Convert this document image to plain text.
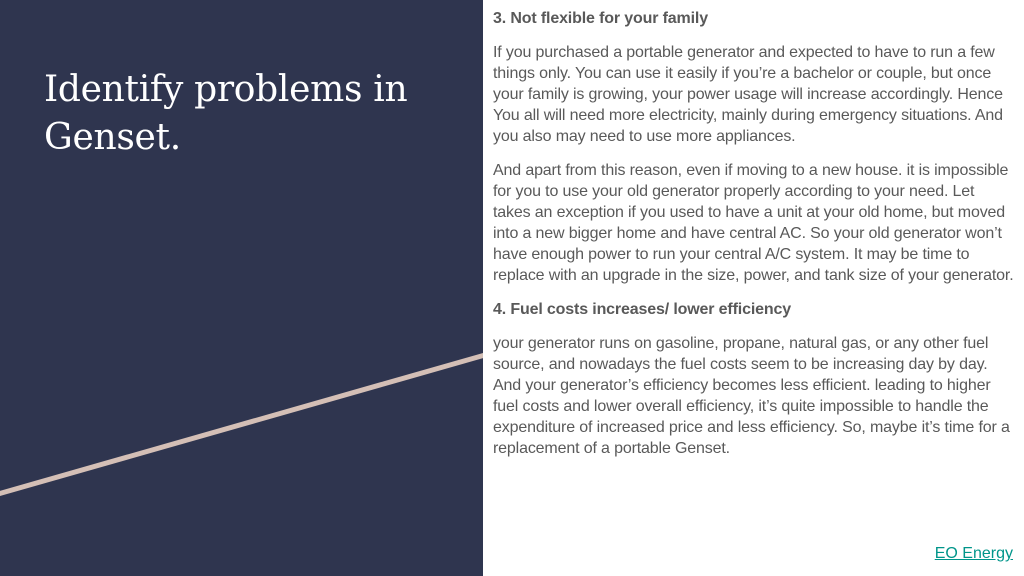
Identify problems in Genset.
3. Not flexible for your family

If you purchased a portable generator and expected to have to run a few things only. You can use it easily if you’re a bachelor or couple, but once your family is growing, your power usage will increase accordingly. Hence You all will need more electricity, mainly during emergency situations. And you also may need to use more appliances.

And apart from this reason, even if moving to a new house. it is impossible for you to use your old generator properly according to your need. Let takes an exception if you used to have a unit at your old home, but moved into a new bigger home and have central AC. So your old generator won’t have enough power to run your central A/C system. It may be time to replace with an upgrade in the size, power, and tank size of your generator.

4. Fuel costs increases/ lower efficiency

your generator runs on gasoline, propane, natural gas, or any other fuel source, and nowadays the fuel costs seem to be increasing day by day. And your generator’s efficiency becomes less efficient. leading to higher fuel costs and lower overall efficiency, it’s quite impossible to handle the expenditure of increased price and less efficiency. So, maybe it’s time for a replacement of a portable Genset.

EO Energy
